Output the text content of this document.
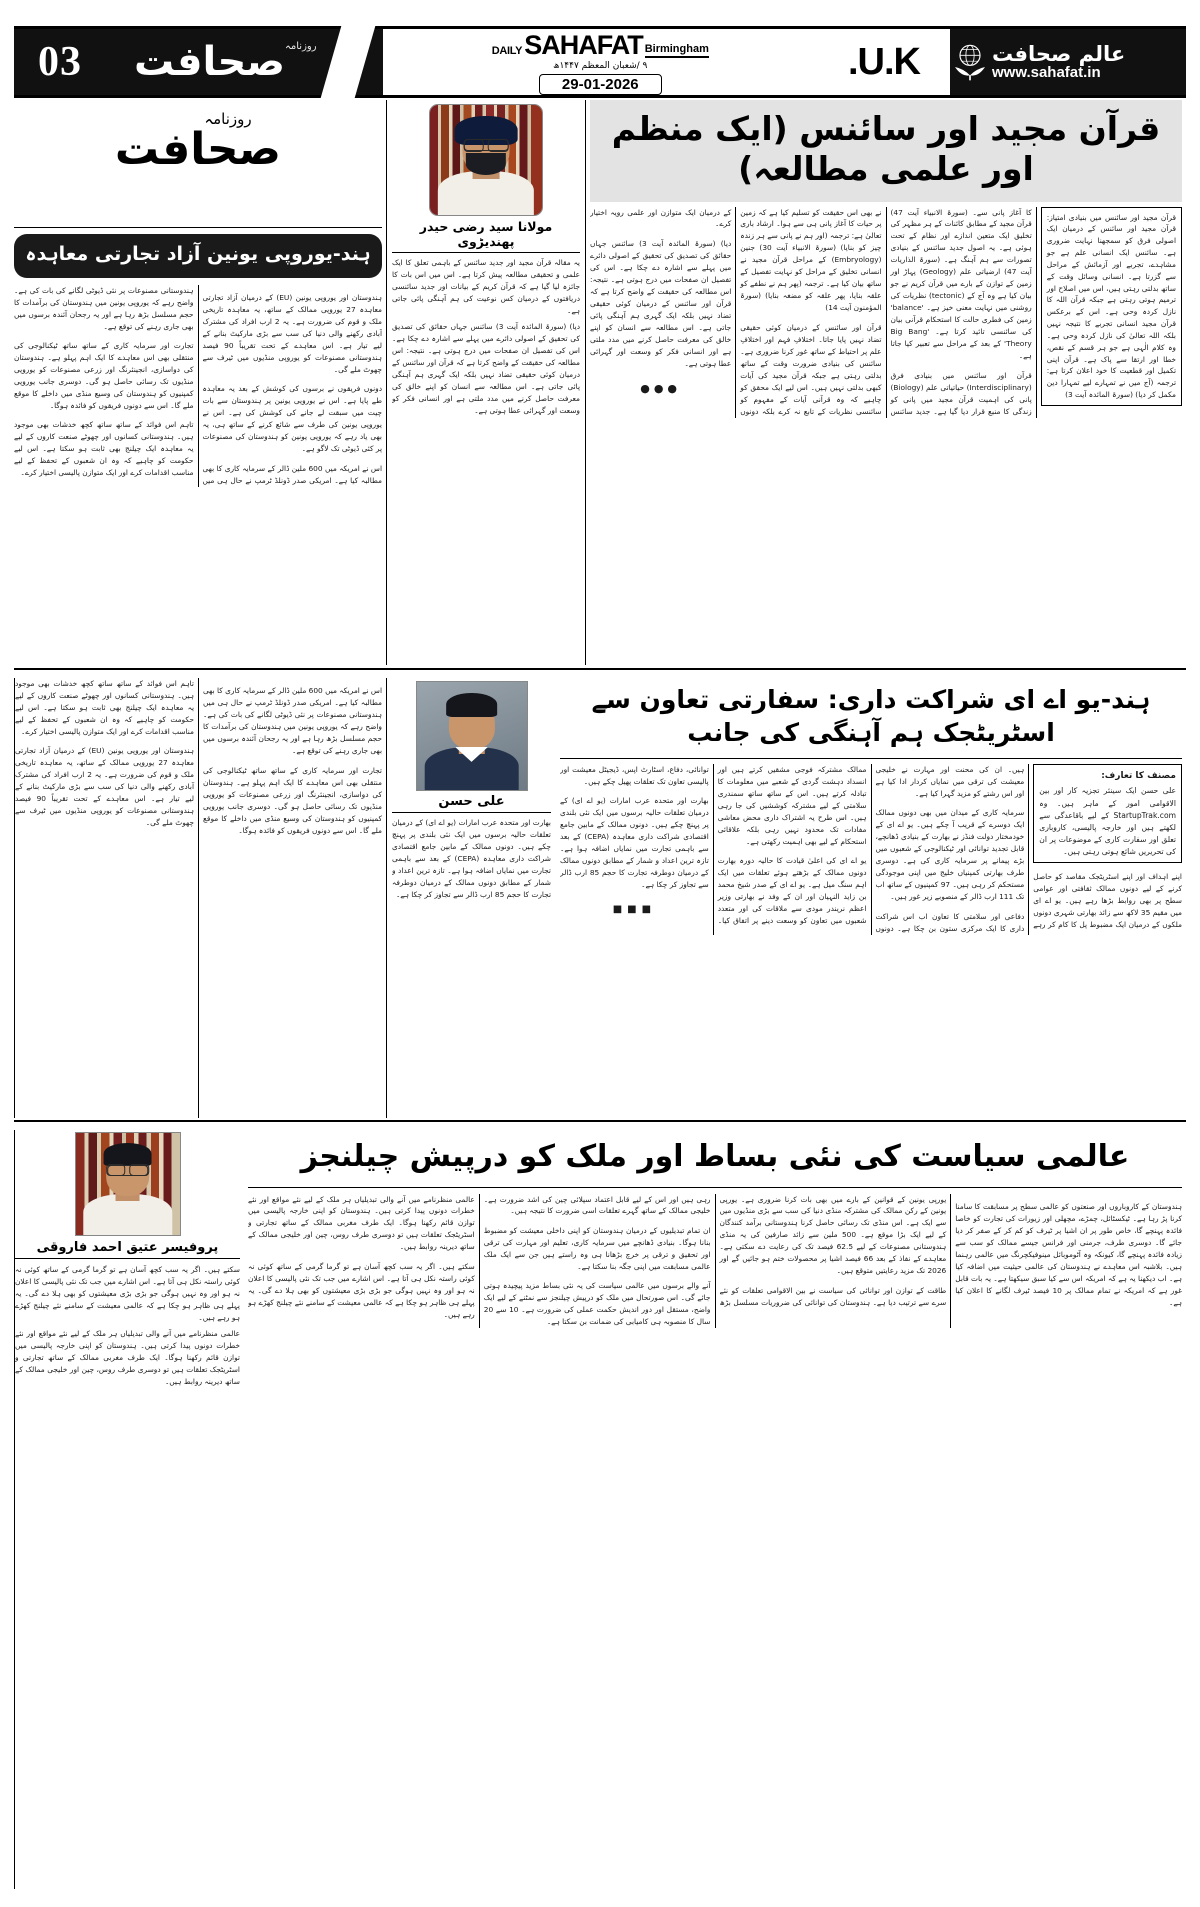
03	روزنامہ
صحافت	DAILY SAHAFAT Birmingham
۹ /شعبان المعظم ۱۴۴۷ھ
29-01-2026
U.K.	عالم صحافت
www.sahafat.in
روزنامہ
صحافت
ہند-یوروپی یونین آزاد تجارتی معاہدہ

ہندوستان اور یوروپی یونین (EU) کے درمیان آزاد تجارتی معاہدہ 27 یوروپی ممالک کے ساتھ، یہ معاہدہ تاریخی ملک و قوم کی ضرورت ہے۔ یہ 2 ارب افراد کی مشترک آبادی رکھنے والی دنیا کی سب سے بڑی مارکیٹ بنانے کے لیے تیار ہے۔ اس معاہدے کے تحت تقریباً 90 فیصد ہندوستانی مصنوعات کو یوروپی منڈیوں میں ٹیرف سے چھوٹ ملے گی۔

دونوں فریقوں نے برسوں کی کوشش کے بعد یہ معاہدہ طے پایا ہے۔ اس نے یوروپی یونین پر ہندوستان سے بات چیت میں سبقت لے جانے کی کوشش کی ہے۔ اس نے یوروپی یونین کی طرف سے شائع کرنے کے ساتھ ہی، یہ بھی یاد رہے کہ یوروپی یونین کو ہندوستان کی مصنوعات پر کئی ڈیوٹی تک لاگو ہے۔

اس نے امریکہ میں 600 ملین ڈالر کے سرمایہ کاری کا بھی مطالبہ کیا ہے۔ امریکی صدر ڈونلڈ ٹرمپ نے حال ہی میں ہندوستانی مصنوعات پر نئی ڈیوٹی لگانے کی بات کی ہے۔ واضح رہے کہ یوروپی یونین میں ہندوستان کی برآمدات کا حجم مسلسل بڑھ رہا ہے اور یہ رجحان آئندہ برسوں میں بھی جاری رہنے کی توقع ہے۔

تجارت اور سرمایہ کاری کے ساتھ ساتھ ٹیکنالوجی کی منتقلی بھی اس معاہدے کا ایک اہم پہلو ہے۔ ہندوستان کی دواسازی، انجینئرنگ اور زرعی مصنوعات کو یوروپی منڈیوں تک رسائی حاصل ہو گی۔ دوسری جانب یوروپی کمپنیوں کو ہندوستان کی وسیع منڈی میں داخلے کا موقع ملے گا۔ اس سے دونوں فریقوں کو فائدہ ہوگا۔

تاہم اس فوائد کے ساتھ ساتھ کچھ خدشات بھی موجود ہیں۔ ہندوستانی کسانوں اور چھوٹے صنعت کاروں کے لیے یہ معاہدہ ایک چیلنج بھی ثابت ہو سکتا ہے۔ اس لیے حکومت کو چاہیے کہ وہ ان شعبوں کے تحفظ کے لیے مناسب اقدامات کرے اور ایک متوازن پالیسی اختیار کرے۔

مولانا سید رضی حیدر پھندیڑوی
یہ مقالہ قرآن مجید اور جدید سائنس کے باہمی تعلق کا ایک علمی و تحقیقی مطالعہ پیش کرتا ہے۔ اس میں اس بات کا جائزہ لیا گیا ہے کہ قرآن کریم کے بیانات اور جدید سائنسی دریافتوں کے درمیان کس نوعیت کی ہم آہنگی پائی جاتی ہے۔
دیا) (سورۃ المائدہ آیت 3) سائنس جہاں حقائق کی تصدیق کی تحقیق کے اصولی دائرے میں پہلے سے اشارہ دے چکا ہے۔ اس کی تفصیل ان صفحات میں درج ہوتی ہے۔ نتیجہ: اس مطالعہ کی حقیقت کے واضح کرتا ہے کہ قرآن اور سائنس کے درمیان کوئی حقیقی تضاد نہیں بلکہ ایک گہری ہم آہنگی پائی جاتی ہے۔ اس مطالعہ سے انسان کو اپنے خالق کی معرفت حاصل کرنے میں مدد ملتی ہے اور انسانی فکر کو وسعت اور گہرائی عطا ہوتی ہے۔
قرآن مجید اور سائنس (ایک منظم اور علمی مطالعہ)
قرآن مجید اور سائنس میں بنیادی امتیاز: قرآن مجید اور سائنس کے درمیان ایک اصولی فرق کو سمجھنا نہایت ضروری ہے۔ سائنس ایک انسانی علم ہے جو مشاہدے، تجربے اور آزمائش کے مراحل سے گزرتا ہے۔ انسانی وسائل وقت کے ساتھ بدلتی رہتی ہیں، اس میں اصلاح اور ترمیم ہوتی رہتی ہے جبکہ قرآن اللہ کا نازل کردہ وحی ہے۔ اس کے برعکس قرآن مجید انسانی تجربے کا نتیجہ نہیں بلکہ اللہ تعالیٰ کی نازل کردہ وحی ہے۔ وہ کلام الٰہی ہے جو ہر قسم کے نقص، خطا اور ارتقا سے پاک ہے۔ قرآن اپنی تکمیل اور قطعیت کا خود اعلان کرتا ہے: ترجمہ (آج میں نے تمہارے لیے تمہارا دین مکمل کر دیا) (سورۃ المائدہ آیت 3)

کا آغاز پانی سے۔ (سورۃ الانبیاء آیت 47) قرآن مجید کے مطابق کائنات کے ہر مظہر کی تخلیق ایک متعین اندازے اور نظام کے تحت ہوئی ہے۔ یہ اصول جدید سائنس کے بنیادی تصورات سے ہم آہنگ ہے۔ (سورۃ الذاریات آیت 47) ارضیاتی علم (Geology) پہاڑ اور زمین کے توازن کے بارے میں قرآن کریم نے جو بیان کیا ہے وہ آج کے (tectonic) نظریات کی روشنی میں نہایت معنی خیز ہے۔ 'balance' زمین کی فطری حالت کا استحکام قرآنی بیان کی سائنسی تائید کرتا ہے۔ 'Big Bang Theory' کے بعد کے مراحل سے تعبیر کیا جاتا ہے۔

قرآن اور سائنس میں بنیادی فرق (Interdisciplinary) حیاتیاتی علم (Biology) پانی کی اہمیت قرآن مجید میں پانی کو زندگی کا منبع قرار دیا گیا ہے۔ جدید سائنس نے بھی اس حقیقت کو تسلیم کیا ہے کہ زمین پر حیات کا آغاز پانی ہی سے ہوا۔ ارشاد باری تعالیٰ ہے: ترجمہ (اور ہم نے پانی سے ہر زندہ چیز کو بنایا) (سورۃ الانبیاء آیت 30) جنین (Embryology) کے مراحل قرآن مجید نے انسانی تخلیق کے مراحل کو نہایت تفصیل کے ساتھ بیان کیا ہے۔ ترجمہ (پھر ہم نے نطفے کو علقہ بنایا، پھر علقہ کو مضغہ بنایا) (سورۃ المؤمنون آیت 14)

قرآن اور سائنس کے درمیان کوئی حقیقی تضاد نہیں پایا جاتا۔ اختلافِ فہم اور اختلافِ علم پر احتیاط کے ساتھ غور کرنا ضروری ہے۔ سائنس کی بنیادی ضرورت وقت کے ساتھ بدلتی رہتی ہے جبکہ قرآن مجید کی آیات کبھی بدلتی نہیں ہیں۔ اس لیے ایک محقق کو چاہیے کہ وہ قرآنی آیات کے مفہوم کو سائنسی نظریات کے تابع نہ کرے بلکہ دونوں کے درمیان ایک متوازن اور علمی رویہ اختیار کرے۔

دیا) (سورۃ المائدہ آیت 3) سائنس جہاں حقائق کی تصدیق کی تحقیق کے اصولی دائرے میں پہلے سے اشارہ دے چکا ہے۔ اس کی تفصیل ان صفحات میں درج ہوتی ہے۔ نتیجہ: اس مطالعہ کی حقیقت کے واضح کرتا ہے کہ قرآن اور سائنس کے درمیان کوئی حقیقی تضاد نہیں بلکہ ایک گہری ہم آہنگی پائی جاتی ہے۔ اس مطالعہ سے انسان کو اپنے خالق کی معرفت حاصل کرنے میں مدد ملتی ہے اور انسانی فکر کو وسعت اور گہرائی عطا ہوتی ہے۔

●●●

اس نے امریکہ میں 600 ملین ڈالر کے سرمایہ کاری کا بھی مطالبہ کیا ہے۔ امریکی صدر ڈونلڈ ٹرمپ نے حال ہی میں ہندوستانی مصنوعات پر نئی ڈیوٹی لگانے کی بات کی ہے۔ واضح رہے کہ یوروپی یونین میں ہندوستان کی برآمدات کا حجم مسلسل بڑھ رہا ہے اور یہ رجحان آئندہ برسوں میں بھی جاری رہنے کی توقع ہے۔

تجارت اور سرمایہ کاری کے ساتھ ساتھ ٹیکنالوجی کی منتقلی بھی اس معاہدے کا ایک اہم پہلو ہے۔ ہندوستان کی دواسازی، انجینئرنگ اور زرعی مصنوعات کو یوروپی منڈیوں تک رسائی حاصل ہو گی۔ دوسری جانب یوروپی کمپنیوں کو ہندوستان کی وسیع منڈی میں داخلے کا موقع ملے گا۔ اس سے دونوں فریقوں کو فائدہ ہوگا۔

تاہم اس فوائد کے ساتھ ساتھ کچھ خدشات بھی موجود ہیں۔ ہندوستانی کسانوں اور چھوٹے صنعت کاروں کے لیے یہ معاہدہ ایک چیلنج بھی ثابت ہو سکتا ہے۔ اس لیے حکومت کو چاہیے کہ وہ ان شعبوں کے تحفظ کے لیے مناسب اقدامات کرے اور ایک متوازن پالیسی اختیار کرے۔

ہندوستان اور یوروپی یونین (EU) کے درمیان آزاد تجارتی معاہدہ 27 یوروپی ممالک کے ساتھ، یہ معاہدہ تاریخی ملک و قوم کی ضرورت ہے۔ یہ 2 ارب افراد کی مشترک آبادی رکھنے والی دنیا کی سب سے بڑی مارکیٹ بنانے کے لیے تیار ہے۔ اس معاہدے کے تحت تقریباً 90 فیصد ہندوستانی مصنوعات کو یوروپی منڈیوں میں ٹیرف سے چھوٹ ملے گی۔

علی حسن
بھارت اور متحدہ عرب امارات (یو اے ای) کے درمیان تعلقات حالیہ برسوں میں ایک نئی بلندی پر پہنچ چکے ہیں۔ دونوں ممالک کے مابین جامع اقتصادی شراکت داری معاہدہ (CEPA) کے بعد سے باہمی تجارت میں نمایاں اضافہ ہوا ہے۔ تازہ ترین اعداد و شمار کے مطابق دونوں ممالک کے درمیان دوطرفہ تجارت کا حجم 85 ارب ڈالر سے تجاوز کر چکا ہے۔
ہند-یو اے ای شراکت داری: سفارتی تعاون سے اسٹریٹجک ہم آہنگی کی جانب
مصنف کا تعارف:
علی حسن ایک سینئر تجزیہ کار اور بین الاقوامی امور کے ماہر ہیں۔ وہ StartupTrak.com کے لیے باقاعدگی سے لکھتے ہیں اور خارجہ پالیسی، کاروباری تعلق اور سفارت کاری کے موضوعات پر ان کی تحریریں شائع ہوتی رہتی ہیں۔

اپنے اہداف اور اپنے اسٹریٹجک مقاصد کو حاصل کرنے کے لیے دونوں ممالک ثقافتی اور عوامی سطح پر بھی روابط بڑھا رہے ہیں۔ یو اے ای میں مقیم 35 لاکھ سے زائد بھارتی شہری دونوں ملکوں کے درمیان ایک مضبوط پل کا کام کر رہے ہیں۔ ان کی محنت اور مہارت نے خلیجی معیشت کی ترقی میں نمایاں کردار ادا کیا ہے اور اس رشتے کو مزید گہرا کیا ہے۔

سرمایہ کاری کے میدان میں بھی دونوں ممالک ایک دوسرے کے قریب آ چکے ہیں۔ یو اے ای کے خودمختار دولت فنڈز نے بھارت کے بنیادی ڈھانچے، قابل تجدید توانائی اور ٹیکنالوجی کے شعبوں میں بڑے پیمانے پر سرمایہ کاری کی ہے۔ دوسری طرف بھارتی کمپنیاں خلیج میں اپنی موجودگی مستحکم کر رہی ہیں۔ 97 کمپنیوں کے ساتھ اب تک 111 ارب ڈالر کے منصوبے زیر غور ہیں۔

دفاعی اور سلامتی کا تعاون اب اس شراکت داری کا ایک مرکزی ستون بن چکا ہے۔ دونوں ممالک مشترکہ فوجی مشقیں کرتے ہیں اور انسداد دہشت گردی کے شعبے میں معلومات کا تبادلہ کرتے ہیں۔ اس کے ساتھ ساتھ سمندری سلامتی کے لیے مشترکہ کوششیں کی جا رہی ہیں۔ اس طرح یہ اشتراک داری محض معاشی مفادات تک محدود نہیں رہی بلکہ علاقائی استحکام کے لیے بھی اہمیت رکھتی ہے۔

یو اے ای کی اعلیٰ قیادت کا حالیہ دورہ بھارت دونوں ممالک کے بڑھتے ہوئے تعلقات میں ایک اہم سنگ میل ہے۔ یو اے ای کے صدر شیخ محمد بن زاید النہیان اور ان کے وفد نے بھارتی وزیر اعظم نریندر مودی سے ملاقات کی اور متعدد شعبوں میں تعاون کو وسعت دینے پر اتفاق کیا۔ توانائی، دفاع، اسٹارٹ اپس، ڈیجیٹل معیشت اور پالیسی تعاون تک تعلقات پھیل چکے ہیں۔

بھارت اور متحدہ عرب امارات (یو اے ای) کے درمیان تعلقات حالیہ برسوں میں ایک نئی بلندی پر پہنچ چکے ہیں۔ دونوں ممالک کے مابین جامع اقتصادی شراکت داری معاہدہ (CEPA) کے بعد سے باہمی تجارت میں نمایاں اضافہ ہوا ہے۔ تازہ ترین اعداد و شمار کے مطابق دونوں ممالک کے درمیان دوطرفہ تجارت کا حجم 85 ارب ڈالر سے تجاوز کر چکا ہے۔

■■■
پروفیسر عتیق احمد فاروقی
سکتے ہیں۔ اگر یہ سب کچھ آسان ہے تو گرما گرمی کے ساتھ کوئی نہ کوئی راستہ نکل ہی آتا ہے۔ اس اشارے میں جب تک نئی پالیسی کا اعلان نہ ہو اور وہ نہیں ہوگی جو بڑی بڑی معیشتوں کو بھی ہلا دے گی۔ یہ پہلے ہی ظاہر ہو چکا ہے کہ عالمی معیشت کے سامنے نئے چیلنج کھڑے ہو رہے ہیں۔
عالمی منظرنامے میں آنے والی تبدیلیاں ہر ملک کے لیے نئے مواقع اور نئے خطرات دونوں پیدا کرتی ہیں۔ ہندوستان کو اپنی خارجہ پالیسی میں توازن قائم رکھنا ہوگا۔ ایک طرف مغربی ممالک کے ساتھ تجارتی و اسٹریٹجک تعلقات ہیں تو دوسری طرف روس، چین اور خلیجی ممالک کے ساتھ دیرینہ روابط ہیں۔
عالمی سیاست کی نئی بساط اور ملک کو درپیش چیلنجز

ہندوستان کے کاروباروں اور صنعتوں کو عالمی سطح پر مسابقت کا سامنا کرنا پڑ رہا ہے۔ ٹیکسٹائل، چمڑے، مچھلی اور زیورات کی تجارت کو خاصا فائدہ پہنچے گا، خاص طور پر ان اشیا پر ٹیرف کو کم کر کے صفر کر دیا جائے گا۔ دوسری طرف، جرمنی اور فرانس جیسے ممالک کو سب سے زیادہ فائدہ پہنچے گا، کیونکہ وہ آٹوموبائل مینوفیکچرنگ میں عالمی رہنما ہیں۔ بلاشبہ اس معاہدے نے ہندوستان کی عالمی حیثیت میں اضافہ کیا ہے۔ اب دیکھنا یہ ہے کہ امریکہ اس سے کیا سبق سیکھتا ہے۔ یہ بات قابل غور ہے کہ امریکہ نے تمام ممالک پر 10 فیصد ٹیرف لگانے کا اعلان کیا ہے۔

یورپی یونین کے قوانین کے بارے میں بھی بات کرنا ضروری ہے۔ یورپی یونین کے رکن ممالک کی مشترکہ منڈی دنیا کی سب سے بڑی منڈیوں میں سے ایک ہے۔ اس منڈی تک رسائی حاصل کرنا ہندوستانی برآمد کنندگان کے لیے ایک بڑا موقع ہے۔ 500 ملین سے زائد صارفین کی یہ منڈی ہندوستانی مصنوعات کے لیے 62.5 فیصد تک کی رعایت دے سکتی ہے۔ معاہدے کے نفاذ کے بعد 66 فیصد اشیا پر محصولات ختم ہو جائیں گے اور 2026 تک مزید رعایتیں متوقع ہیں۔

طاقت کے توازن اور توانائی کی سیاست نے بین الاقوامی تعلقات کو نئے سرے سے ترتیب دیا ہے۔ ہندوستان کی توانائی کی ضروریات مسلسل بڑھ رہی ہیں اور اس کے لیے قابل اعتماد سپلائی چین کی اشد ضرورت ہے۔ خلیجی ممالک کے ساتھ گہرے تعلقات اسی ضرورت کا نتیجہ ہیں۔

ان تمام تبدیلیوں کے درمیان ہندوستان کو اپنی داخلی معیشت کو مضبوط بنانا ہوگا۔ بنیادی ڈھانچے میں سرمایہ کاری، تعلیم اور مہارت کی ترقی اور تحقیق و ترقی پر خرچ بڑھانا ہی وہ راستے ہیں جن سے ایک ملک عالمی مسابقت میں اپنی جگہ بنا سکتا ہے۔

آنے والے برسوں میں عالمی سیاست کی یہ نئی بساط مزید پیچیدہ ہوتی جائے گی۔ اس صورتحال میں ملک کو درپیش چیلنجز سے نمٹنے کے لیے ایک واضح، مستقل اور دور اندیش حکمت عملی کی ضرورت ہے۔ 10 سے 20 سال کا منصوبہ ہی کامیابی کی ضمانت بن سکتا ہے۔

عالمی منظرنامے میں آنے والی تبدیلیاں ہر ملک کے لیے نئے مواقع اور نئے خطرات دونوں پیدا کرتی ہیں۔ ہندوستان کو اپنی خارجہ پالیسی میں توازن قائم رکھنا ہوگا۔ ایک طرف مغربی ممالک کے ساتھ تجارتی و اسٹریٹجک تعلقات ہیں تو دوسری طرف روس، چین اور خلیجی ممالک کے ساتھ دیرینہ روابط ہیں۔

سکتے ہیں۔ اگر یہ سب کچھ آسان ہے تو گرما گرمی کے ساتھ کوئی نہ کوئی راستہ نکل ہی آتا ہے۔ اس اشارے میں جب تک نئی پالیسی کا اعلان نہ ہو اور وہ نہیں ہوگی جو بڑی بڑی معیشتوں کو بھی ہلا دے گی۔ یہ پہلے ہی ظاہر ہو چکا ہے کہ عالمی معیشت کے سامنے نئے چیلنج کھڑے ہو رہے ہیں۔
